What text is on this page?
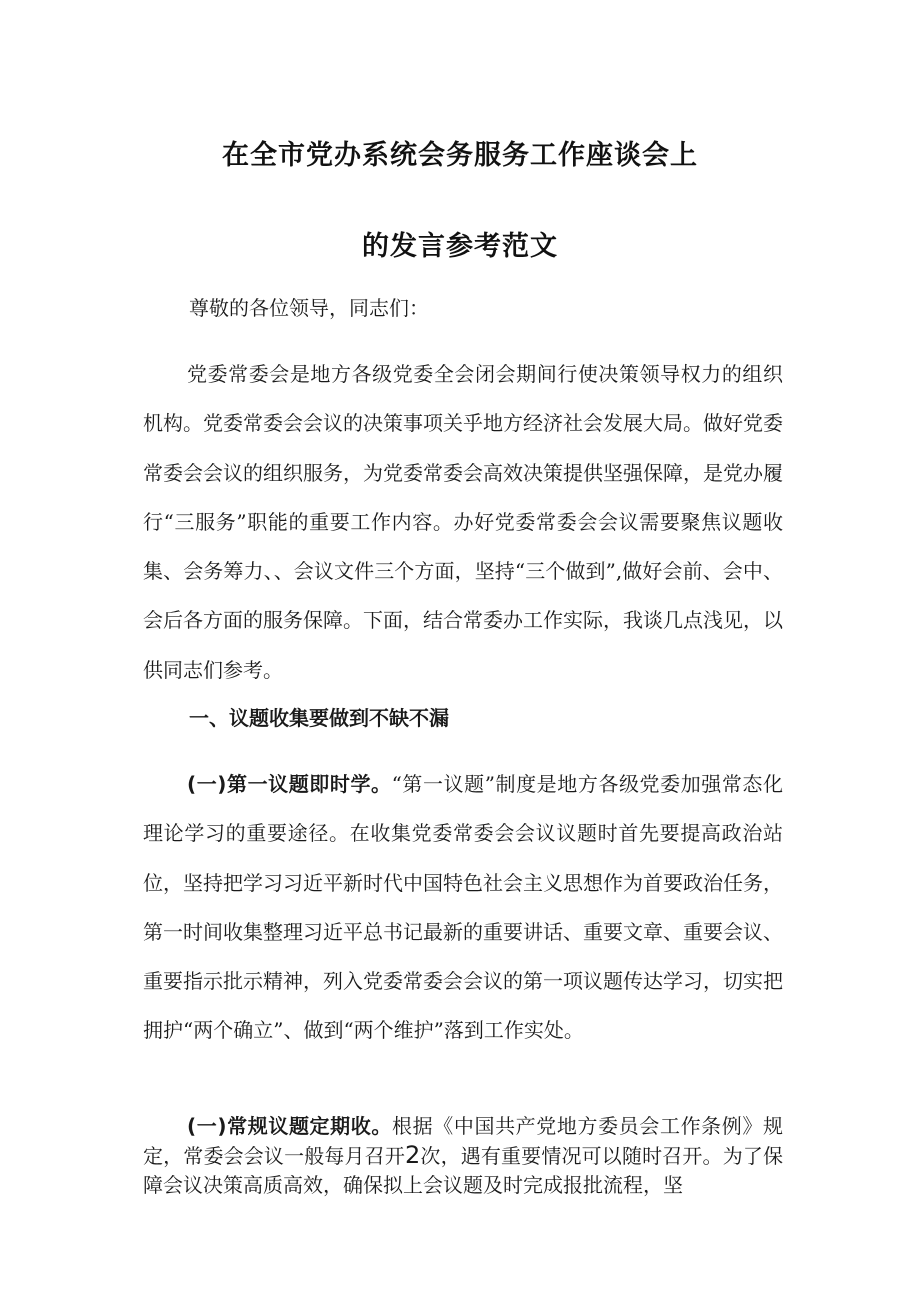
在全市党办系统会务服务工作座谈会上
的发言参考范文
尊敬的各位领导，同志们：
党委常委会是地方各级党委全会闭会期间行使决策领导权力的组织机构。党委常委会会议的决策事项关乎地方经济社会发展大局。做好党委常委会会议的组织服务，为党委常委会高效决策提供坚强保障，是党办履行“三服务”职能的重要工作内容。办好党委常委会会议需要聚焦议题收集、会务筹力、、会议文件三个方面，坚持“三个做到”,做好会前、会中、会后各方面的服务保障。下面，结合常委办工作实际，我谈几点浅见，以供同志们参考。
一、议题收集要做到不缺不漏
(一)第一议题即时学。“第一议题”制度是地方各级党委加强常态化理论学习的重要途径。在收集党委常委会会议议题时首先要提高政治站位，坚持把学习习近平新时代中国特色社会主义思想作为首要政治任务，第一时间收集整理习近平总书记最新的重要讲话、重要文章、重要会议、重要指示批示精神，列入党委常委会会议的第一项议题传达学习，切实把拥护“两个确立”、做到“两个维护”落到工作实处。
(一)常规议题定期收。根据《中国共产党地方委员会工作条例》规定，常委会会议一般每月召开2次，遇有重要情况可以随时召开。为了保障会议决策高质高效，确保拟上会议题及时完成报批流程，坚
